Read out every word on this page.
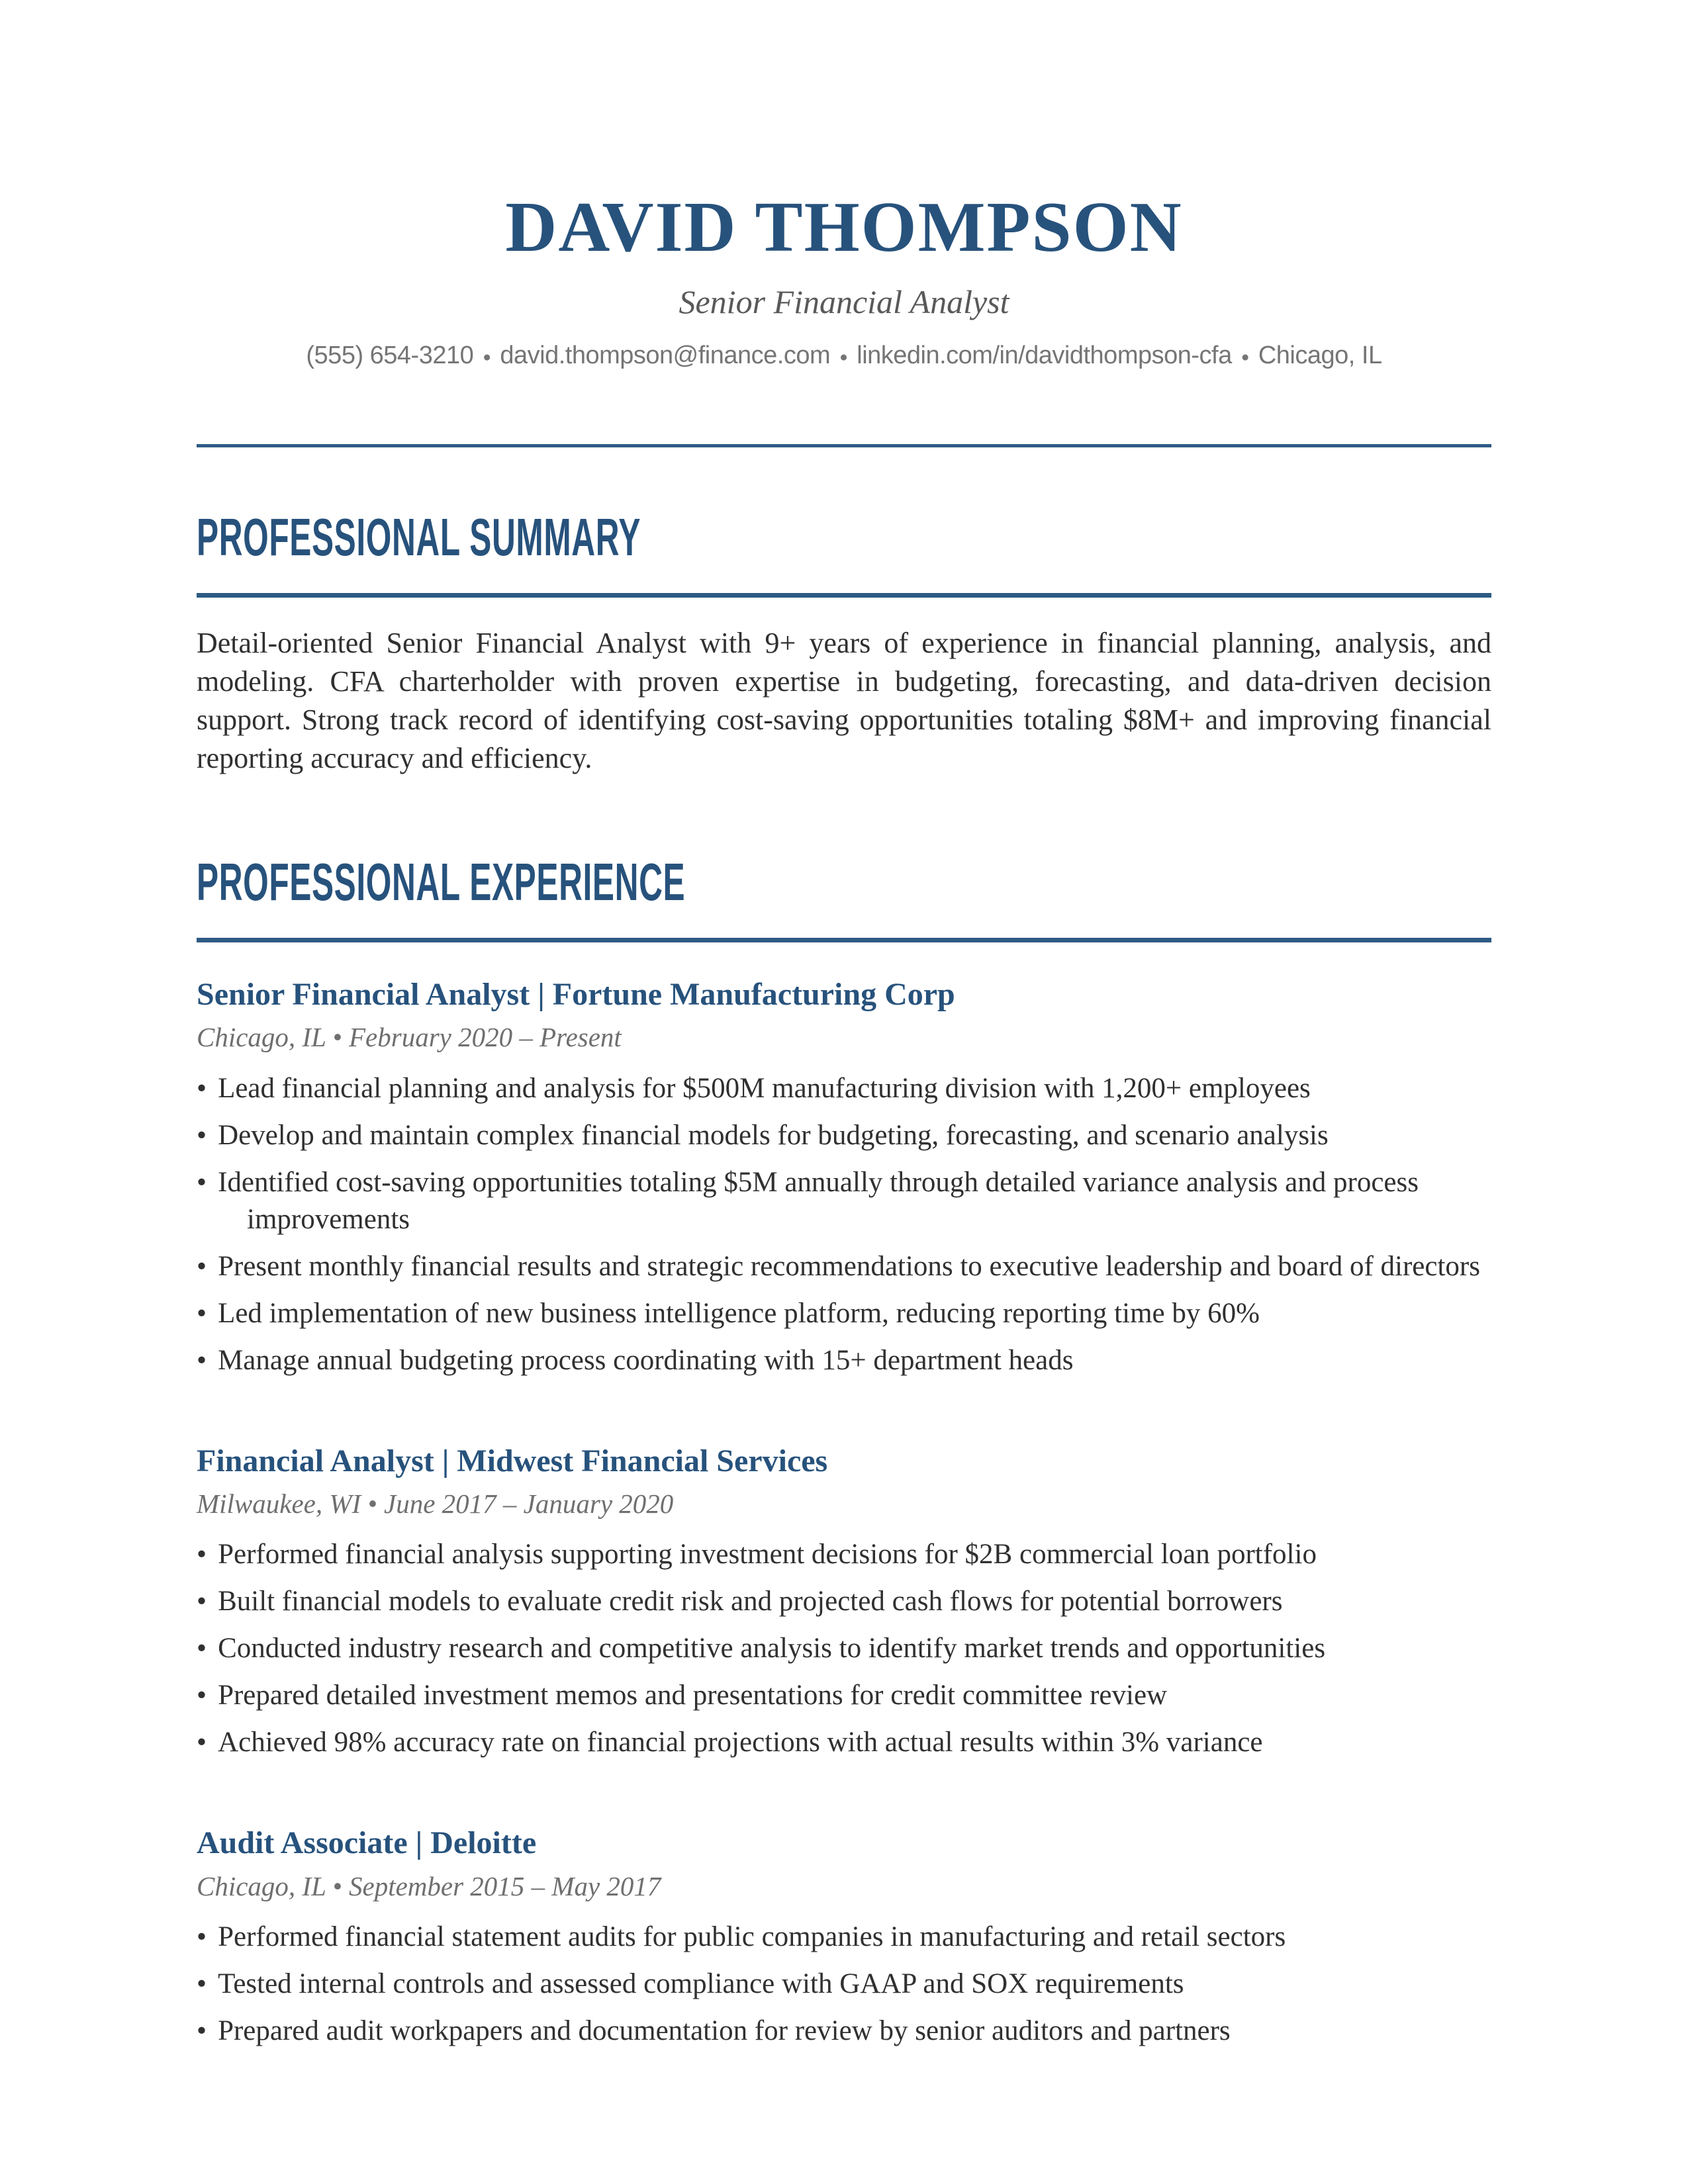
DAVID THOMPSON
Senior Financial Analyst
(555) 654-3210 ● david.thompson@finance.com ● linkedin.com/in/davidthompson-cfa ● Chicago, IL
PROFESSIONAL SUMMARY

Detail-oriented Senior Financial Analyst with 9+ years of experience in financial planning, analysis, and modeling. CFA charterholder with proven expertise in budgeting, forecasting, and data-driven decision support. Strong track record of identifying cost-saving opportunities totaling $8M+ and improving financial reporting accuracy and efficiency.

PROFESSIONAL EXPERIENCE
Senior Financial Analyst | Fortune Manufacturing Corp
Chicago, IL • February 2020 – Present
• Lead financial planning and analysis for $500M manufacturing division with 1,200+ employees
• Develop and maintain complex financial models for budgeting, forecasting, and scenario analysis
• Identified cost-saving opportunities totaling $5M annually through detailed variance analysis and process improvements
• Present monthly financial results and strategic recommendations to executive leadership and board of directors
• Led implementation of new business intelligence platform, reducing reporting time by 60%
• Manage annual budgeting process coordinating with 15+ department heads
Financial Analyst | Midwest Financial Services
Milwaukee, WI • June 2017 – January 2020
• Performed financial analysis supporting investment decisions for $2B commercial loan portfolio
• Built financial models to evaluate credit risk and projected cash flows for potential borrowers
• Conducted industry research and competitive analysis to identify market trends and opportunities
• Prepared detailed investment memos and presentations for credit committee review
• Achieved 98% accuracy rate on financial projections with actual results within 3% variance
Audit Associate | Deloitte
Chicago, IL • September 2015 – May 2017
• Performed financial statement audits for public companies in manufacturing and retail sectors
• Tested internal controls and assessed compliance with GAAP and SOX requirements
• Prepared audit workpapers and documentation for review by senior auditors and partners
